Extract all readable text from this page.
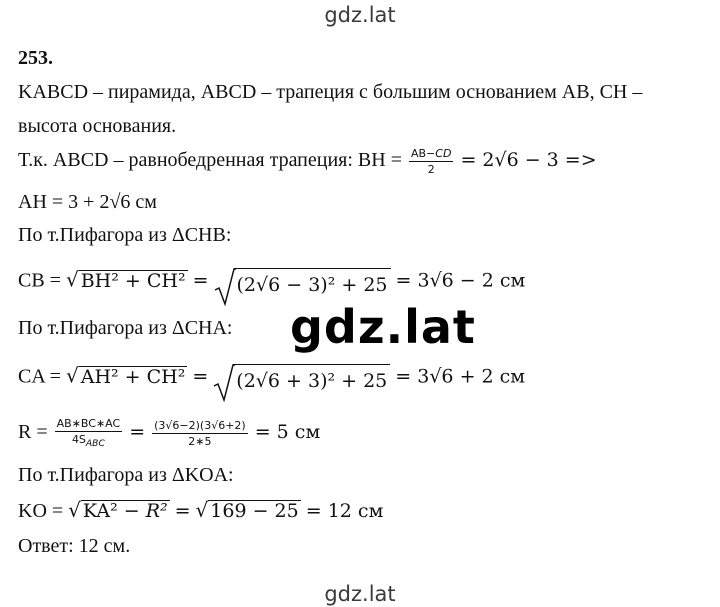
gdz.lat
253.
KABCD – пирамида, ABCD – трапеция с большим основанием AB, CH –
высота основания.
Т.к. ABCD – равнобедренная трапеция: BH = $\frac{AB-CD}{2} = 2√6 - 3$ =>
AH = 3 + 2√6 см
По т.Пифагора из ΔCHB:
CB = √ BH² + CH² = (2√6 − 3)² + 25 = 3√6 − 2 см
По т.Пифагора из ΔCHA:
CA = √ AH² + CH² = (2√6 + 3)² + 25 = 3√6 + 2 см
$R = \frac{AB∗BC∗AC}{4S_{ABC}} = \frac{(3√6-2)(3√6+2)}{2∗5} = 5$ см
По т.Пифагора из ΔKOA:
KO = √ KA² − R² = √ 169 − 25 = 12 см
Ответ: 12 см.
gdz.lat
gdz.lat
